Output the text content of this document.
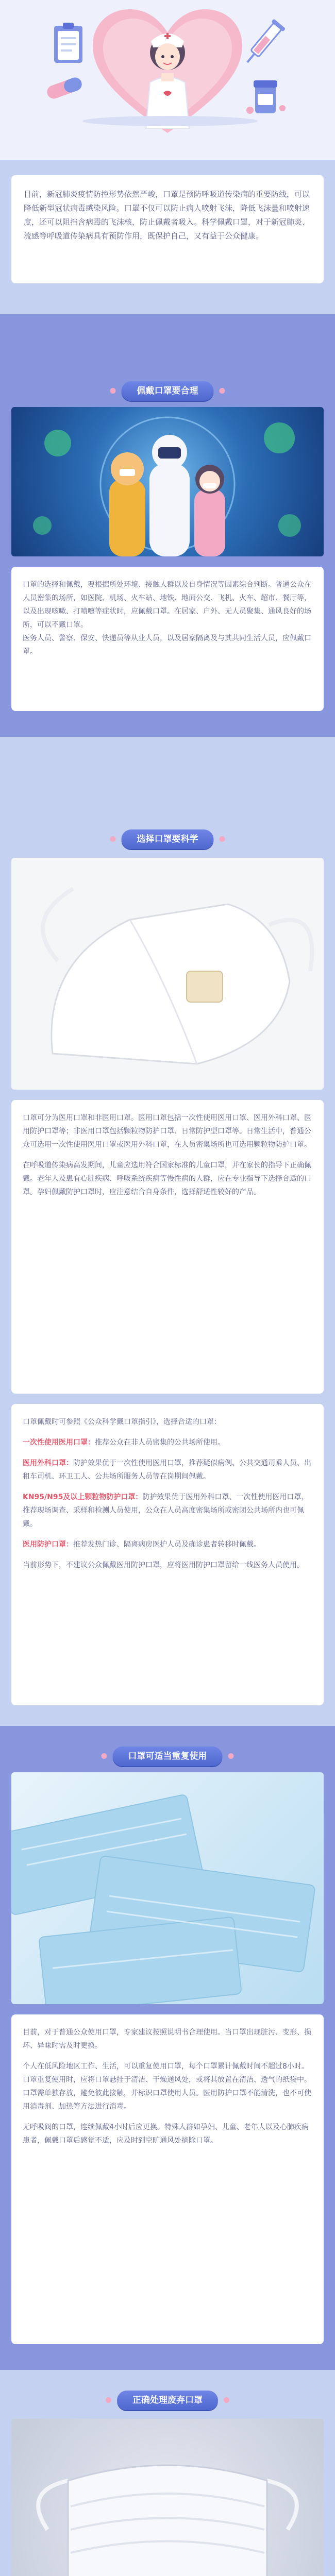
目前，新冠肺炎疫情防控形势依然严峻，口罩是预防呼吸道传染病的重要防线，可以降低新型冠状病毒感染风险。口罩不仅可以防止病人喷射飞沫，降低飞沫量和喷射速度，还可以阻挡含病毒的飞沫核，防止佩戴者吸入。科学佩戴口罩，对于新冠肺炎、流感等呼吸道传染病具有预防作用，既保护自己，又有益于公众健康。
佩戴口罩要合理

口罩的选择和佩戴，要根据所处环境、接触人群以及自身情况等因素综合判断。普通公众在人员密集的场所，如医院、机场、火车站、地铁、地面公交、飞机、火车、超市、餐厅等，以及出现咳嗽、打喷嚏等症状时，应佩戴口罩。在居家、户外、无人员聚集、通风良好的场所，可以不戴口罩。
医务人员、警察、保安、快递员等从业人员，以及居家隔离及与其共同生活人员，应佩戴口罩。

选择口罩要科学

口罩可分为医用口罩和非医用口罩。医用口罩包括一次性使用医用口罩、医用外科口罩、医用防护口罩等；非医用口罩包括颗粒物防护口罩、日常防护型口罩等。日常生活中，普通公众可选用一次性使用医用口罩或医用外科口罩，在人员密集场所也可选用颗粒物防护口罩。

在呼吸道传染病高发期间，儿童应选用符合国家标准的儿童口罩，并在家长的指导下正确佩戴。老年人及患有心脏疾病、呼吸系统疾病等慢性病的人群，应在专业指导下选择合适的口罩。孕妇佩戴防护口罩时，应注意结合自身条件，选择舒适性较好的产品。

口罩佩戴时可参照《公众科学戴口罩指引》，选择合适的口罩：

一次性使用医用口罩：推荐公众在非人员密集的公共场所使用。

医用外科口罩：防护效果优于一次性使用医用口罩，推荐疑似病例、公共交通司乘人员、出租车司机、环卫工人、公共场所服务人员等在岗期间佩戴。

KN95/N95及以上颗粒物防护口罩：防护效果优于医用外科口罩、一次性使用医用口罩，推荐现场调查、采样和检测人员使用，公众在人员高度密集场所或密闭公共场所内也可佩戴。

医用防护口罩：推荐发热门诊、隔离病房医护人员及确诊患者转移时佩戴。

当前形势下，不建议公众佩戴医用防护口罩，应将医用防护口罩留给一线医务人员使用。

口罩可适当重复使用

目前，对于普通公众使用口罩，专家建议按照说明书合理使用。当口罩出现脏污、变形、损坏、异味时需及时更换。

个人在低风险地区工作、生活，可以重复使用口罩，每个口罩累计佩戴时间不超过8小时。口罩重复使用时，应将口罩悬挂于清洁、干燥通风处，或将其放置在清洁、透气的纸袋中。口罩需单独存放，避免彼此接触，并标识口罩使用人员。医用防护口罩不能清洗，也不可使用消毒剂、加热等方法进行消毒。

无呼吸阀的口罩，连续佩戴4小时后应更换。特殊人群如孕妇、儿童、老年人以及心肺疾病患者，佩戴口罩后感觉不适，应及时到空旷通风处摘除口罩。

正确处理废弃口罩
